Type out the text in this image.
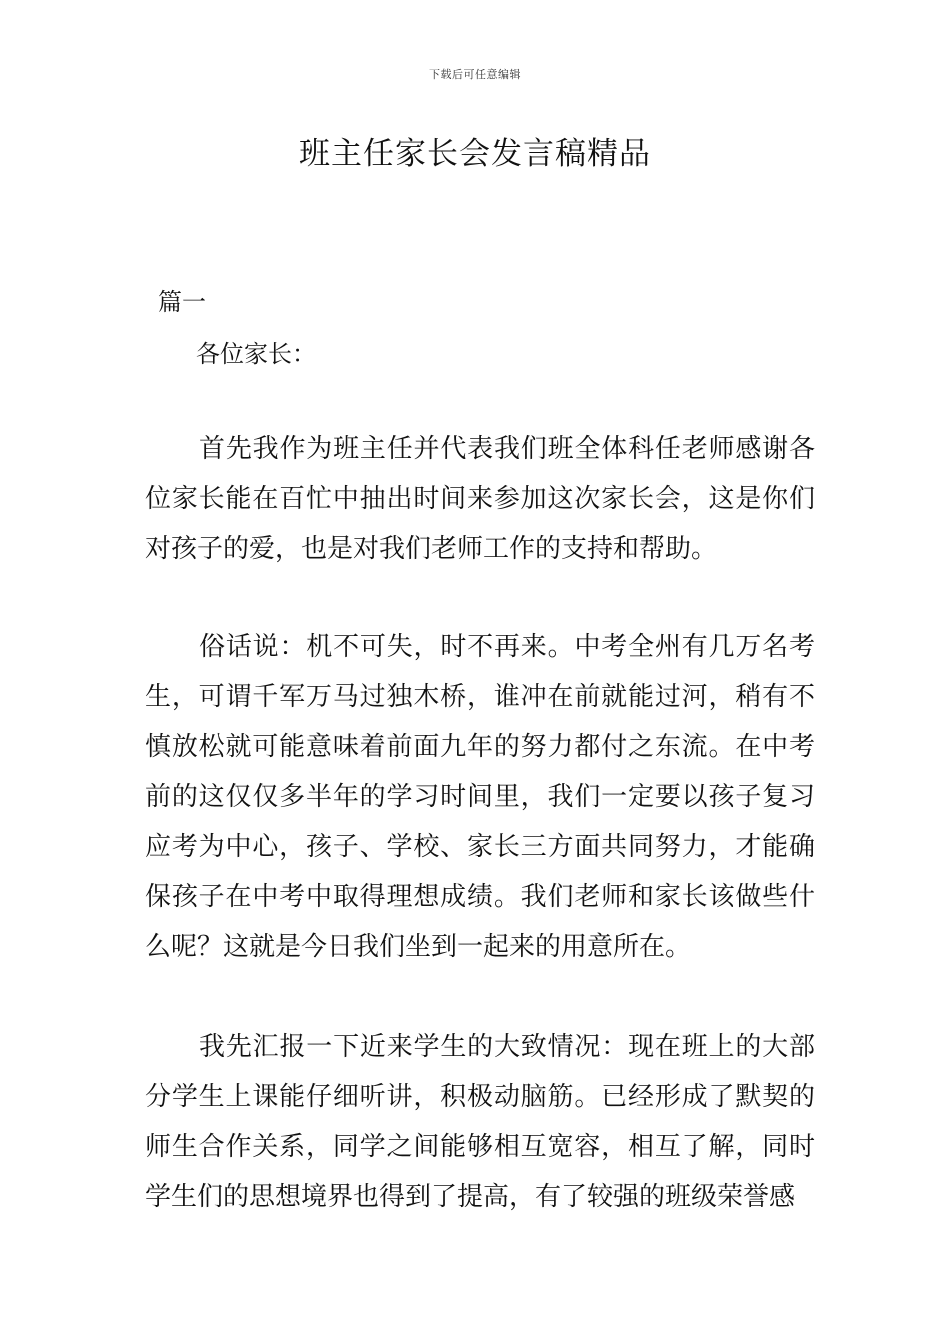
下载后可任意编辑
班主任家长会发言稿精品
篇一
各位家长：

首先我作为班主任并代表我们班全体科任老师感谢各位家长能在百忙中抽出时间来参加这次家长会，这是你们对孩子的爱，也是对我们老师工作的支持和帮助。

俗话说：机不可失，时不再来。中考全州有几万名考生，可谓千军万马过独木桥，谁冲在前就能过河，稍有不慎放松就可能意味着前面九年的努力都付之东流。在中考前的这仅仅多半年的学习时间里，我们一定要以孩子复习应考为中心，孩子、学校、家长三方面共同努力，才能确保孩子在中考中取得理想成绩。我们老师和家长该做些什么呢？这就是今日我们坐到一起来的用意所在。

我先汇报一下近来学生的大致情况：现在班上的大部分学生上课能仔细听讲，积极动脑筋。已经形成了默契的师生合作关系，同学之间能够相互宽容，相互了解，同时学生们的思想境界也得到了提高，有了较强的班级荣誉感
